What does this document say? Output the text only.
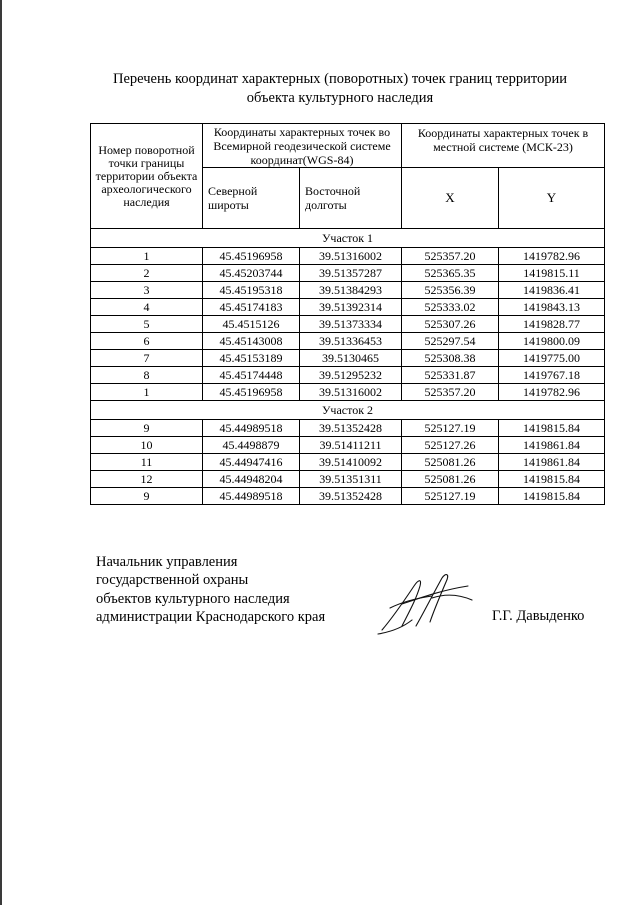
Перечень координат характерных (поворотных) точек границ территории
объекта культурного наследия
Номер поворотной точки границы территории объекта археологического наследия	Координаты характерных точек во Всемирной геодезической системе координат(WGS-84)		Координаты характерных точек в местной системе (МСК-23)	
	Северной широты	Восточной долготы	X	Y
Участок 1				
1	45.45196958	39.51316002	525357.20	1419782.96
2	45.45203744	39.51357287	525365.35	1419815.11
3	45.45195318	39.51384293	525356.39	1419836.41
4	45.45174183	39.51392314	525333.02	1419843.13
5	45.4515126	39.51373334	525307.26	1419828.77
6	45.45143008	39.51336453	525297.54	1419800.09
7	45.45153189	39.5130465	525308.38	1419775.00
8	45.45174448	39.51295232	525331.87	1419767.18
1	45.45196958	39.51316002	525357.20	1419782.96
Участок 2				
9	45.44989518	39.51352428	525127.19	1419815.84
10	45.4498879	39.51411211	525127.26	1419861.84
11	45.44947416	39.51410092	525081.26	1419861.84
12	45.44948204	39.51351311	525081.26	1419815.84
9	45.44989518	39.51352428	525127.19	1419815.84
Начальник управления
государственной охраны
объектов культурного наследия
администрации Краснодарского края	Г.Г. Давыденко
